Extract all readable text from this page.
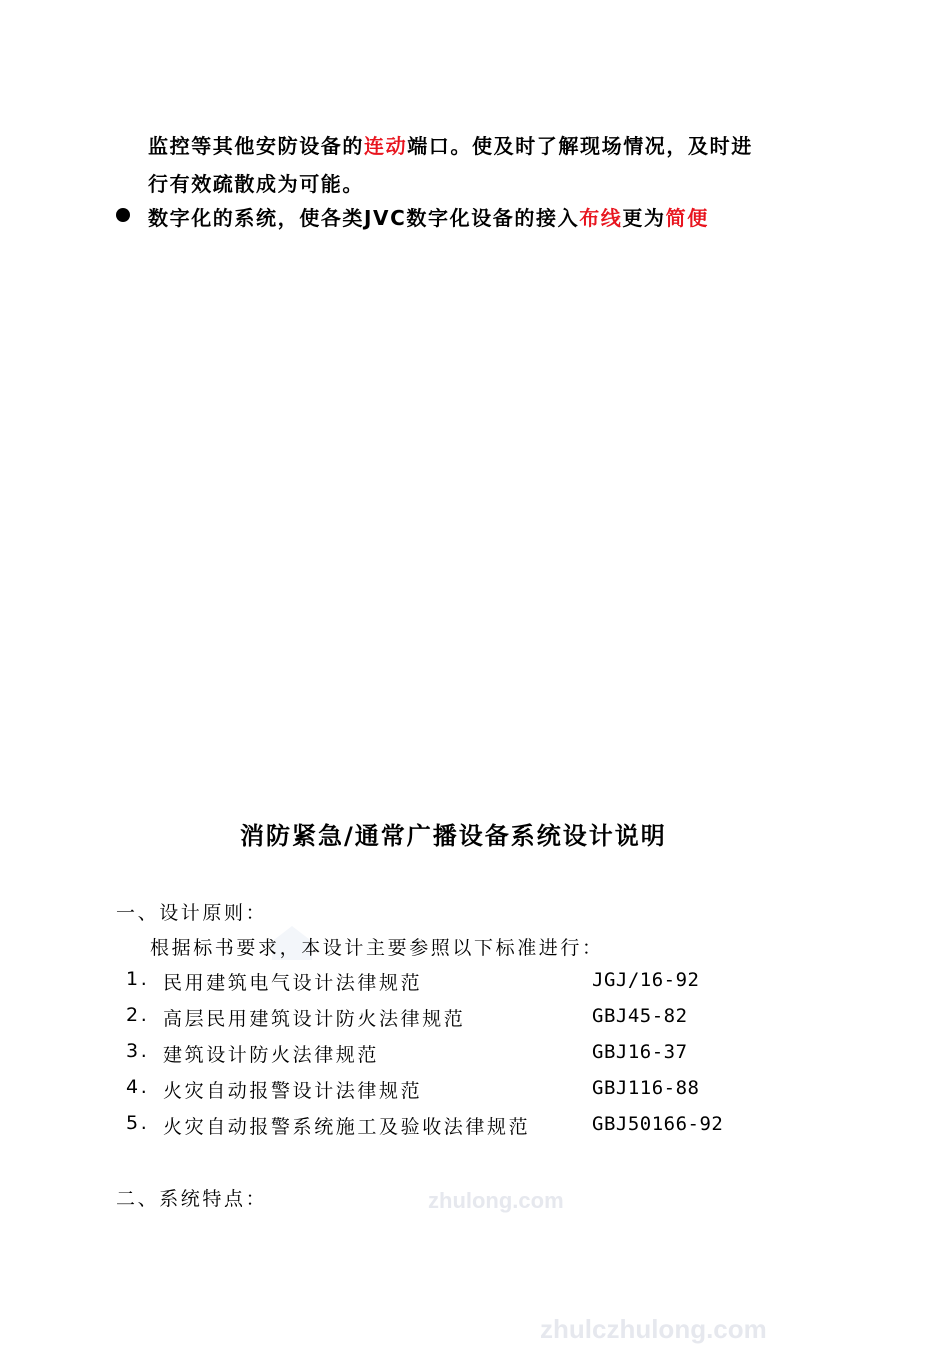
监控等其他安防设备的连动端口。使及时了解现场情况，及时进
行有效疏散成为可能。
数字化的系统，使各类JVC数字化设备的接入布线更为简便
消防紧急/通常广播设备系统设计说明
一、设计原则：
根据标书要求，本设计主要参照以下标准进行：
1. 民用建筑电气设计法律规范	JGJ/16-92
2. 高层民用建筑设计防火法律规范	GBJ45-82
3. 建筑设计防火法律规范	GBJ16-37
4. 火灾自动报警设计法律规范	GBJ116-88
5. 火灾自动报警系统施工及验收法律规范	GBJ50166-92
zhulong.com
二、系统特点：
zhulczhulong.com
